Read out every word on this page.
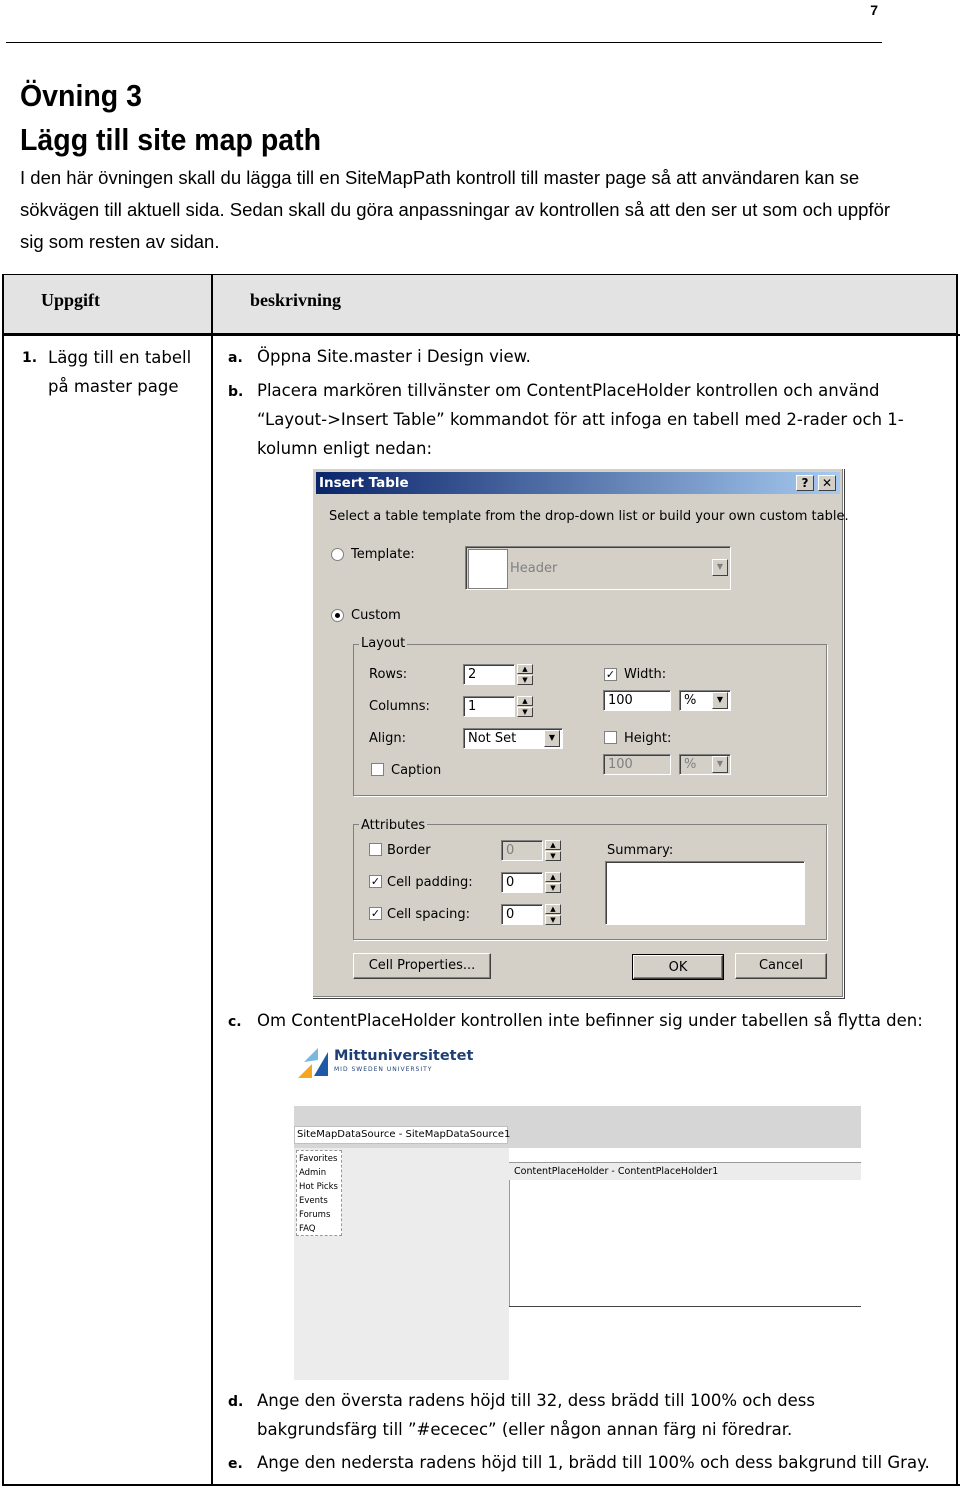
7
Övning 3
Lägg till site map path
I den här övningen skall du lägga till en SiteMapPath kontroll till master page så att användaren kan se sökvägen till aktuell sida. Sedan skall du göra anpassningar av kontrollen så att den ser ut som och uppför sig som resten av sidan.
Uppgift	beskrivning
1. Lägg till en tabell på master page
a. Öppna Site.master i Design view.
b. Placera markören tillvänster om ContentPlaceHolder kontrollen och använd “Layout->Insert Table” kommandot för att infoga en tabell med 2-rader och 1-kolumn enligt nedan:
Insert Table	?	✕
Select a table template from the drop-down list or build your own custom table.
Template:
Header	▼
Custom
Layout
Rows:	2	▲
▼
Columns:	1	▲
▼
Align:	Not Set	▼
Caption
✓ Width:
100	%	▼
Height:
100	%	▼
Attributes
Border	0	▲
▼
✓ Cell padding:	0	▲
▼
✓ Cell spacing:	0	▲
▼
Summary:
Cell Properties...	OK	Cancel
c. Om ContentPlaceHolder kontrollen inte befinner sig under tabellen så flytta den:
Mittuniversitetet
MID SWEDEN UNIVERSITY
SiteMapDataSource - SiteMapDataSource1
Favorites
Admin
Hot Picks
Events
Forums
FAQ
ContentPlaceHolder - ContentPlaceHolder1
d. Ange den översta radens höjd till 32, dess brädd till 100% och dess bakgrundsfärg till ”#ececec” (eller någon annan färg ni föredrar.
e. Ange den nedersta radens höjd till 1, brädd till 100% och dess bakgrund till Gray.
